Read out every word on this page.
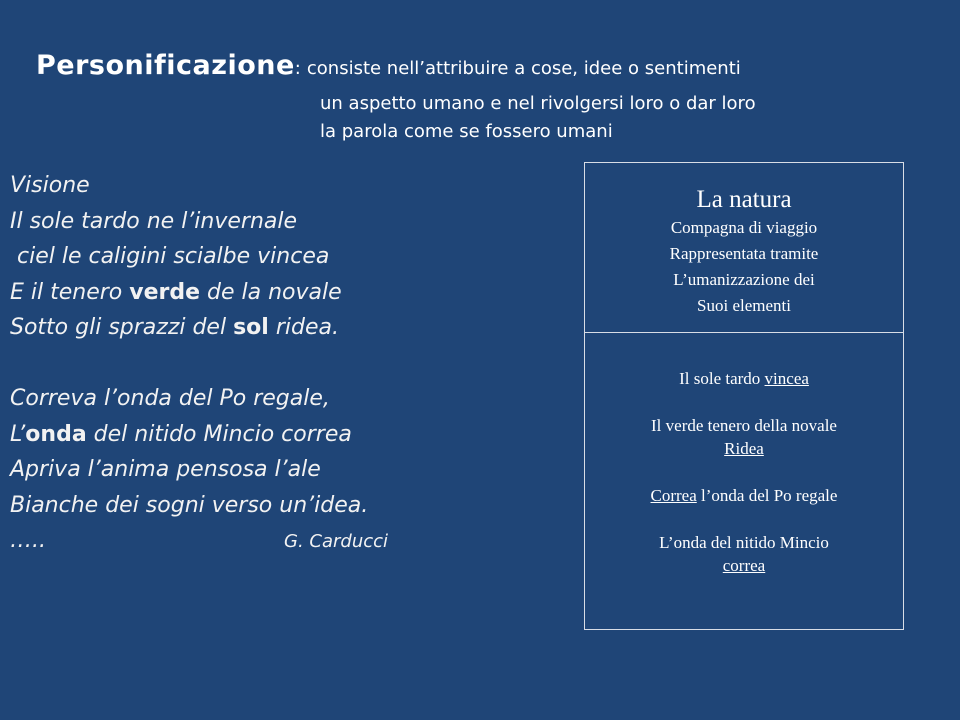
Personificazione: consiste nell’attribuire a cose, idee o sentimenti
un aspetto umano e nel rivolgersi loro o dar loro
la parola come se fossero umani
Visione
Il sole tardo ne l’invernale
ciel le caligini scialbe vincea
E il tenero verde de la novale
Sotto gli sprazzi del sol ridea.
Correva l’onda del Po regale,
L’onda del nitido Mincio correa
Apriva l’anima pensosa l’ale
Bianche dei sogni verso un’idea.
…..	G. Carducci
La natura
Compagna di viaggio
Rappresentata tramite
L’umanizzazione dei
Suoi elementi
Il sole tardo vincea
Il verde tenero della novale
Ridea
Correa l’onda del Po regale
L’onda del nitido Mincio
correa
